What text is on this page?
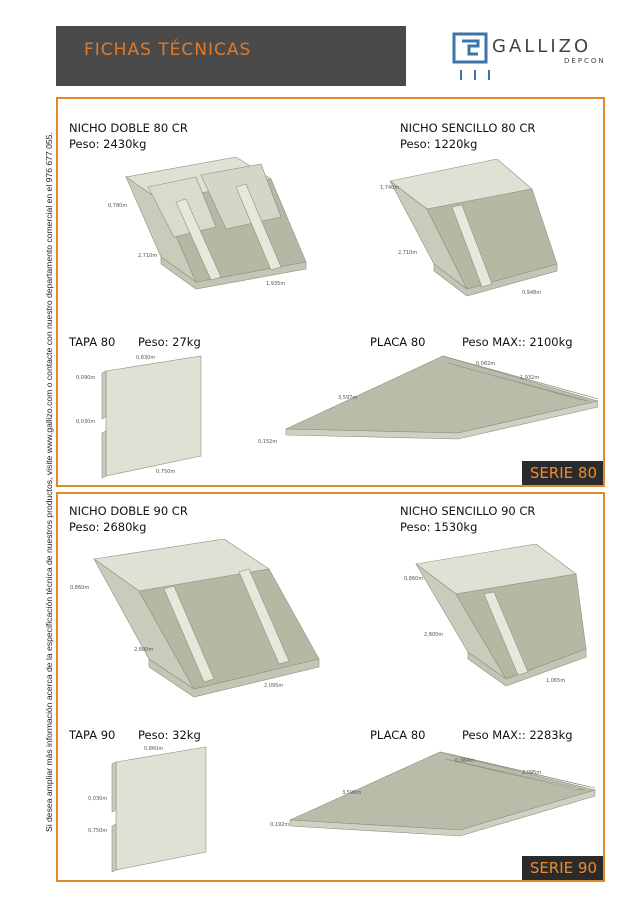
FICHAS TÉCNICAS	GALLIZO
DEPCON
Si desea ampliar más información acerca de la especificación técnica de nuestros productos, visite www.gallizo.com o contacte con nuestro departamento comercial en el 976 677 055.
NICHO DOBLE 80 CR
Peso: 2430kg
NICHO SENCILLO 80 CR
Peso: 1220kg
0,780m
2,710m
1,935m
1,740m
2,710m
0,948m
TAPA 80 Peso: 27kg	PLACA 80	Peso MAX:: 2100kg
0,830m
0,090m
0,030m
0,750m
0,062m
1,932m
3,597m
0,152m
SERIE 80
NICHO DOBLE 90 CR
Peso: 2680kg
NICHO SENCILLO 90 CR
Peso: 1530kg
0,860m
2,800m
2,095m
0,860m
2,800m
1,065m
TAPA 90 Peso: 32kg	PLACA 80	Peso MAX:: 2283kg
0,860m
0,030m
0,750m
0,084m
2,095m
3,596m
0,192m
SERIE 90
